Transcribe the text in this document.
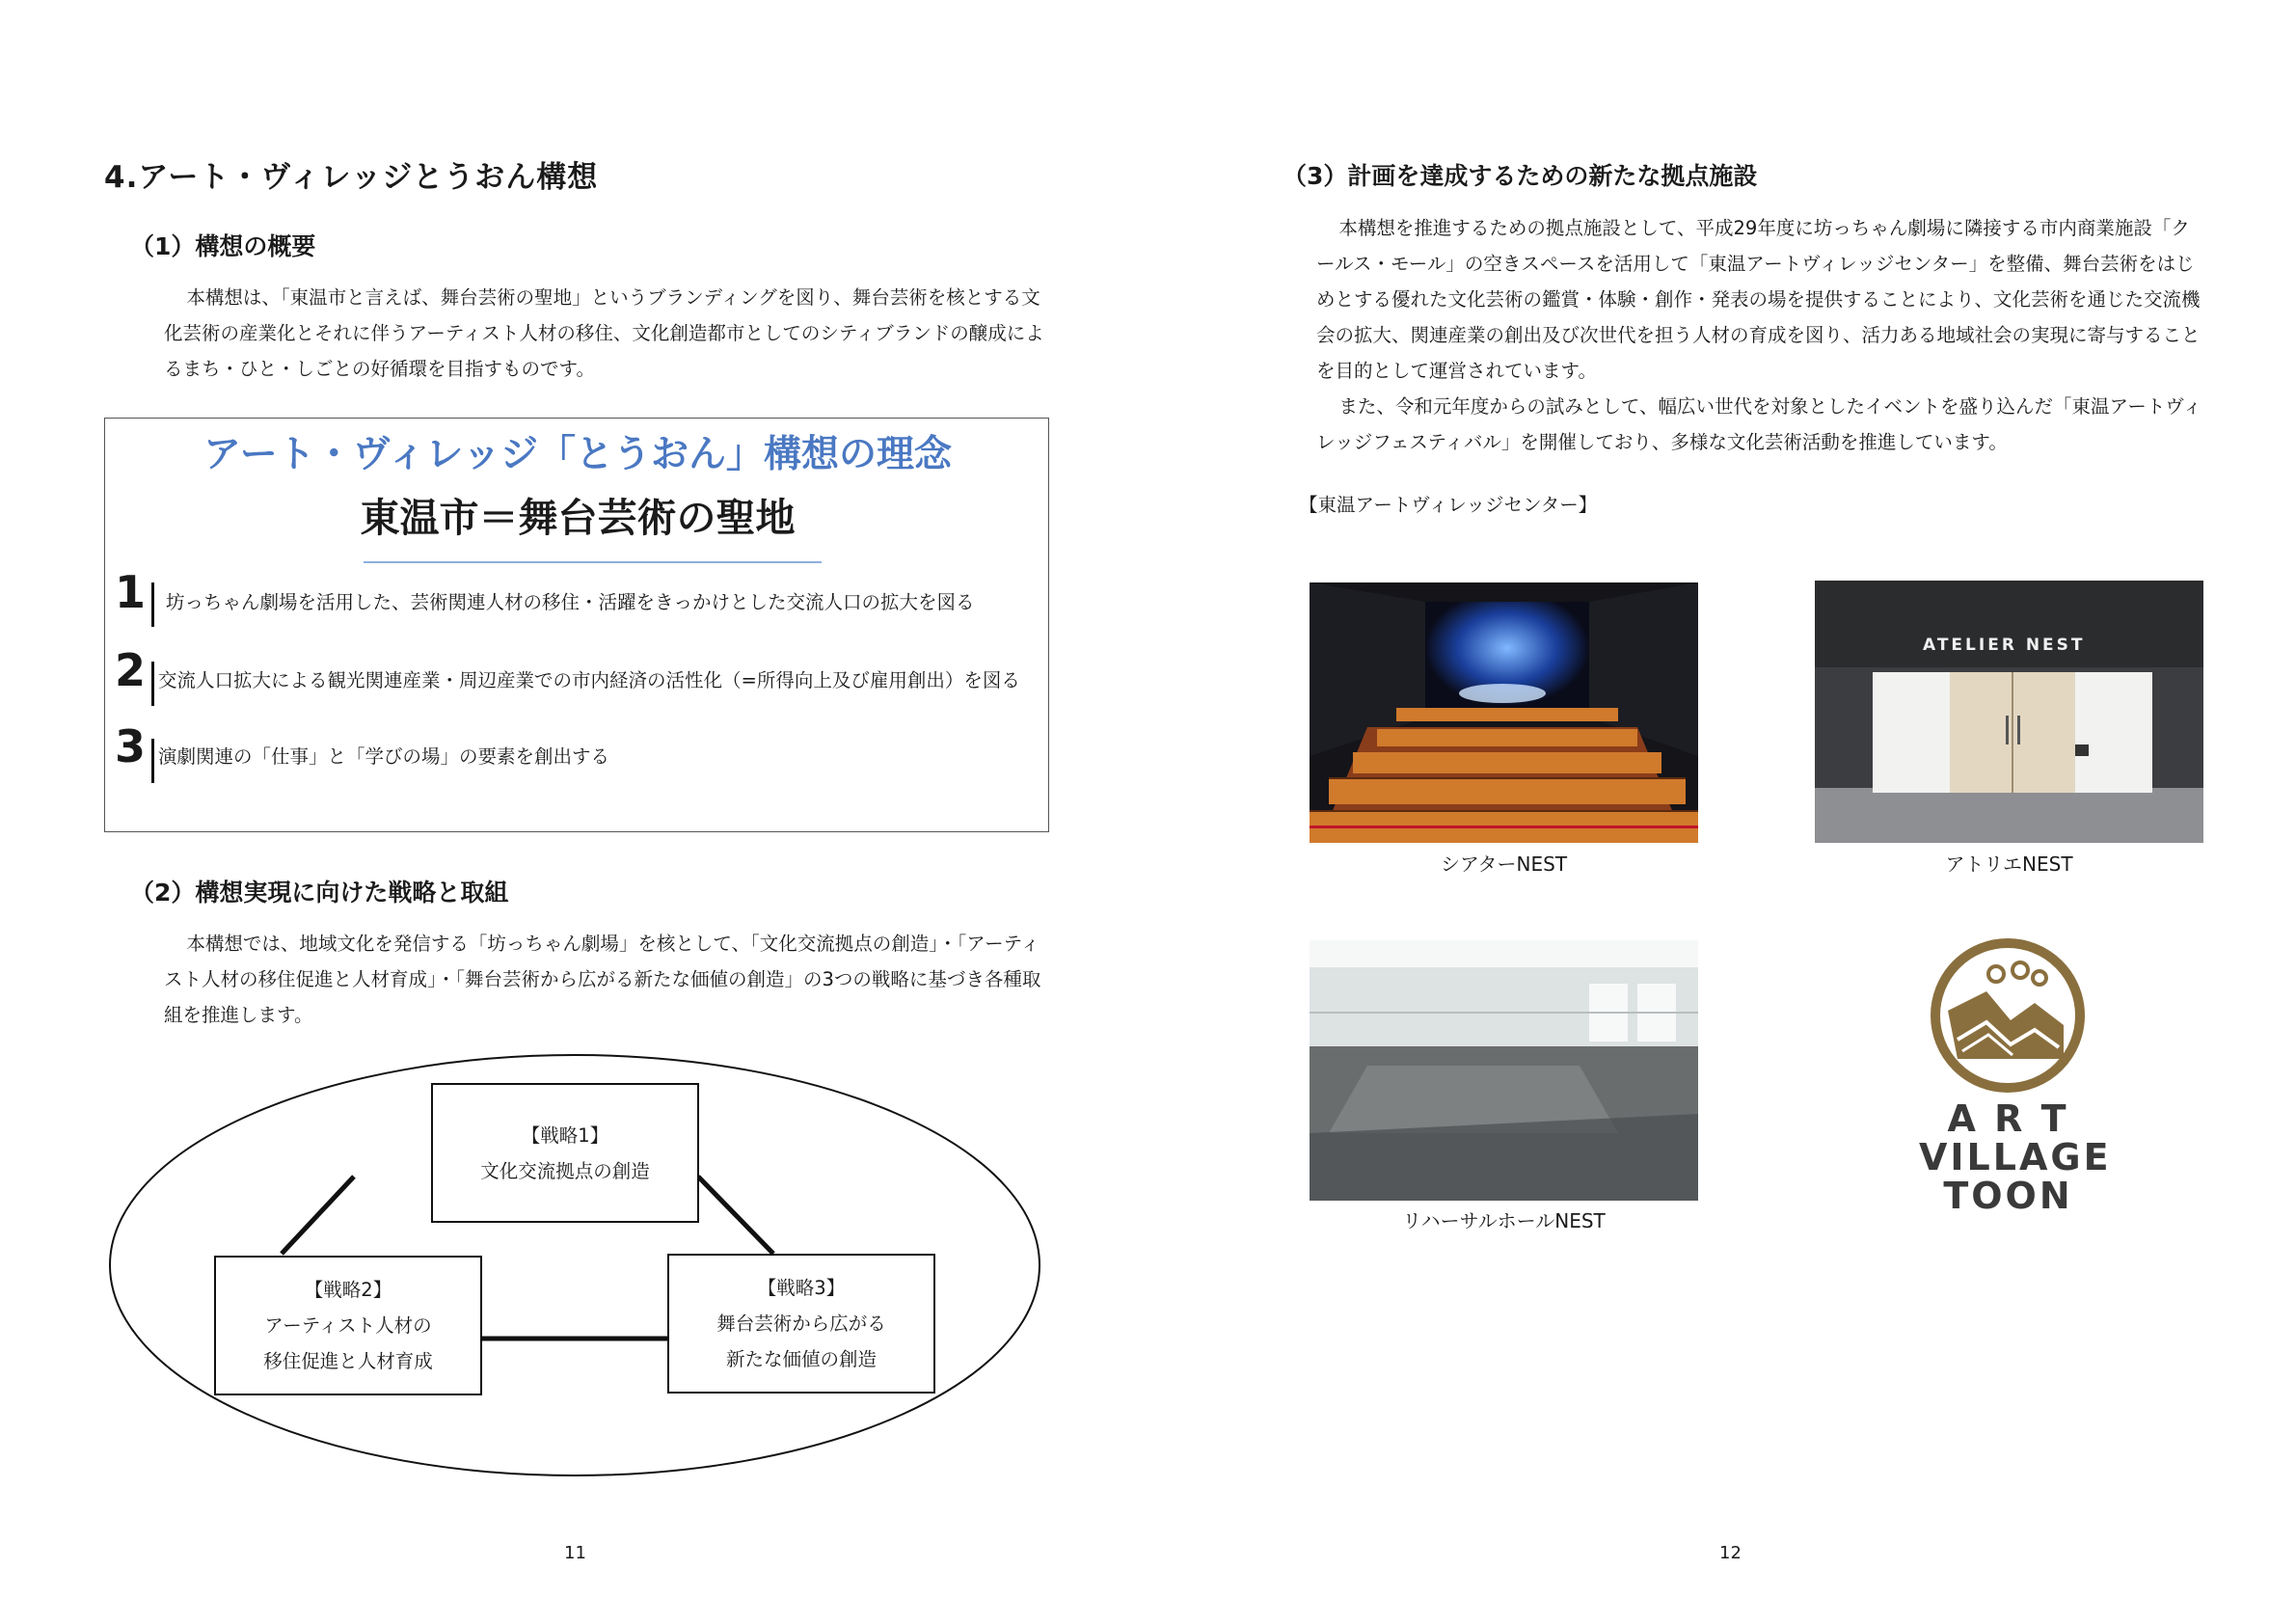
4.アート・ヴィレッジとうおん構想
（1）構想の概要

本構想は、「東温市と言えば、舞台芸術の聖地」というブランディングを図り、舞台芸術を核とする文化芸術の産業化とそれに伴うアーティスト人材の移住、文化創造都市としてのシティブランドの醸成によるまち・ひと・しごとの好循環を目指すものです。

アート・ヴィレッジ「とうおん」構想の理念
東温市＝舞台芸術の聖地
1 坊っちゃん劇場を活用した、芸術関連人材の移住・活躍をきっかけとした交流人口の拡大を図る
2 交流人口拡大による観光関連産業・周辺産業での市内経済の活性化（=所得向上及び雇用創出）を図る
3 演劇関連の「仕事」と「学びの場」の要素を創出する
（2）構想実現に向けた戦略と取組

本構想では、地域文化を発信する「坊っちゃん劇場」を核として、「文化交流拠点の創造」・「アーティスト人材の移住促進と人材育成」・「舞台芸術から広がる新たな価値の創造」の3つの戦略に基づき各種取組を推進します。

【戦略1】
文化交流拠点の創造
【戦略2】
アーティスト人材の
移住促進と人材育成
【戦略3】
舞台芸術から広がる
新たな価値の創造
11
（3）計画を達成するための新たな拠点施設

本構想を推進するための拠点施設として、平成29年度に坊っちゃん劇場に隣接する市内商業施設「クールス・モール」の空きスペースを活用して「東温アートヴィレッジセンター」を整備、舞台芸術をはじめとする優れた文化芸術の鑑賞・体験・創作・発表の場を提供することにより、文化芸術を通じた交流機会の拡大、関連産業の創出及び次世代を担う人材の育成を図り、活力ある地域社会の実現に寄与することを目的として運営されています。

また、令和元年度からの試みとして、幅広い世代を対象としたイベントを盛り込んだ「東温アートヴィレッジフェスティバル」を開催しており、多様な文化芸術活動を推進しています。

【東温アートヴィレッジセンター】
シアターNEST
ATELIER NEST
アトリエNEST
リハーサルホールNEST
A R T
VILLAGE
TOON
12
